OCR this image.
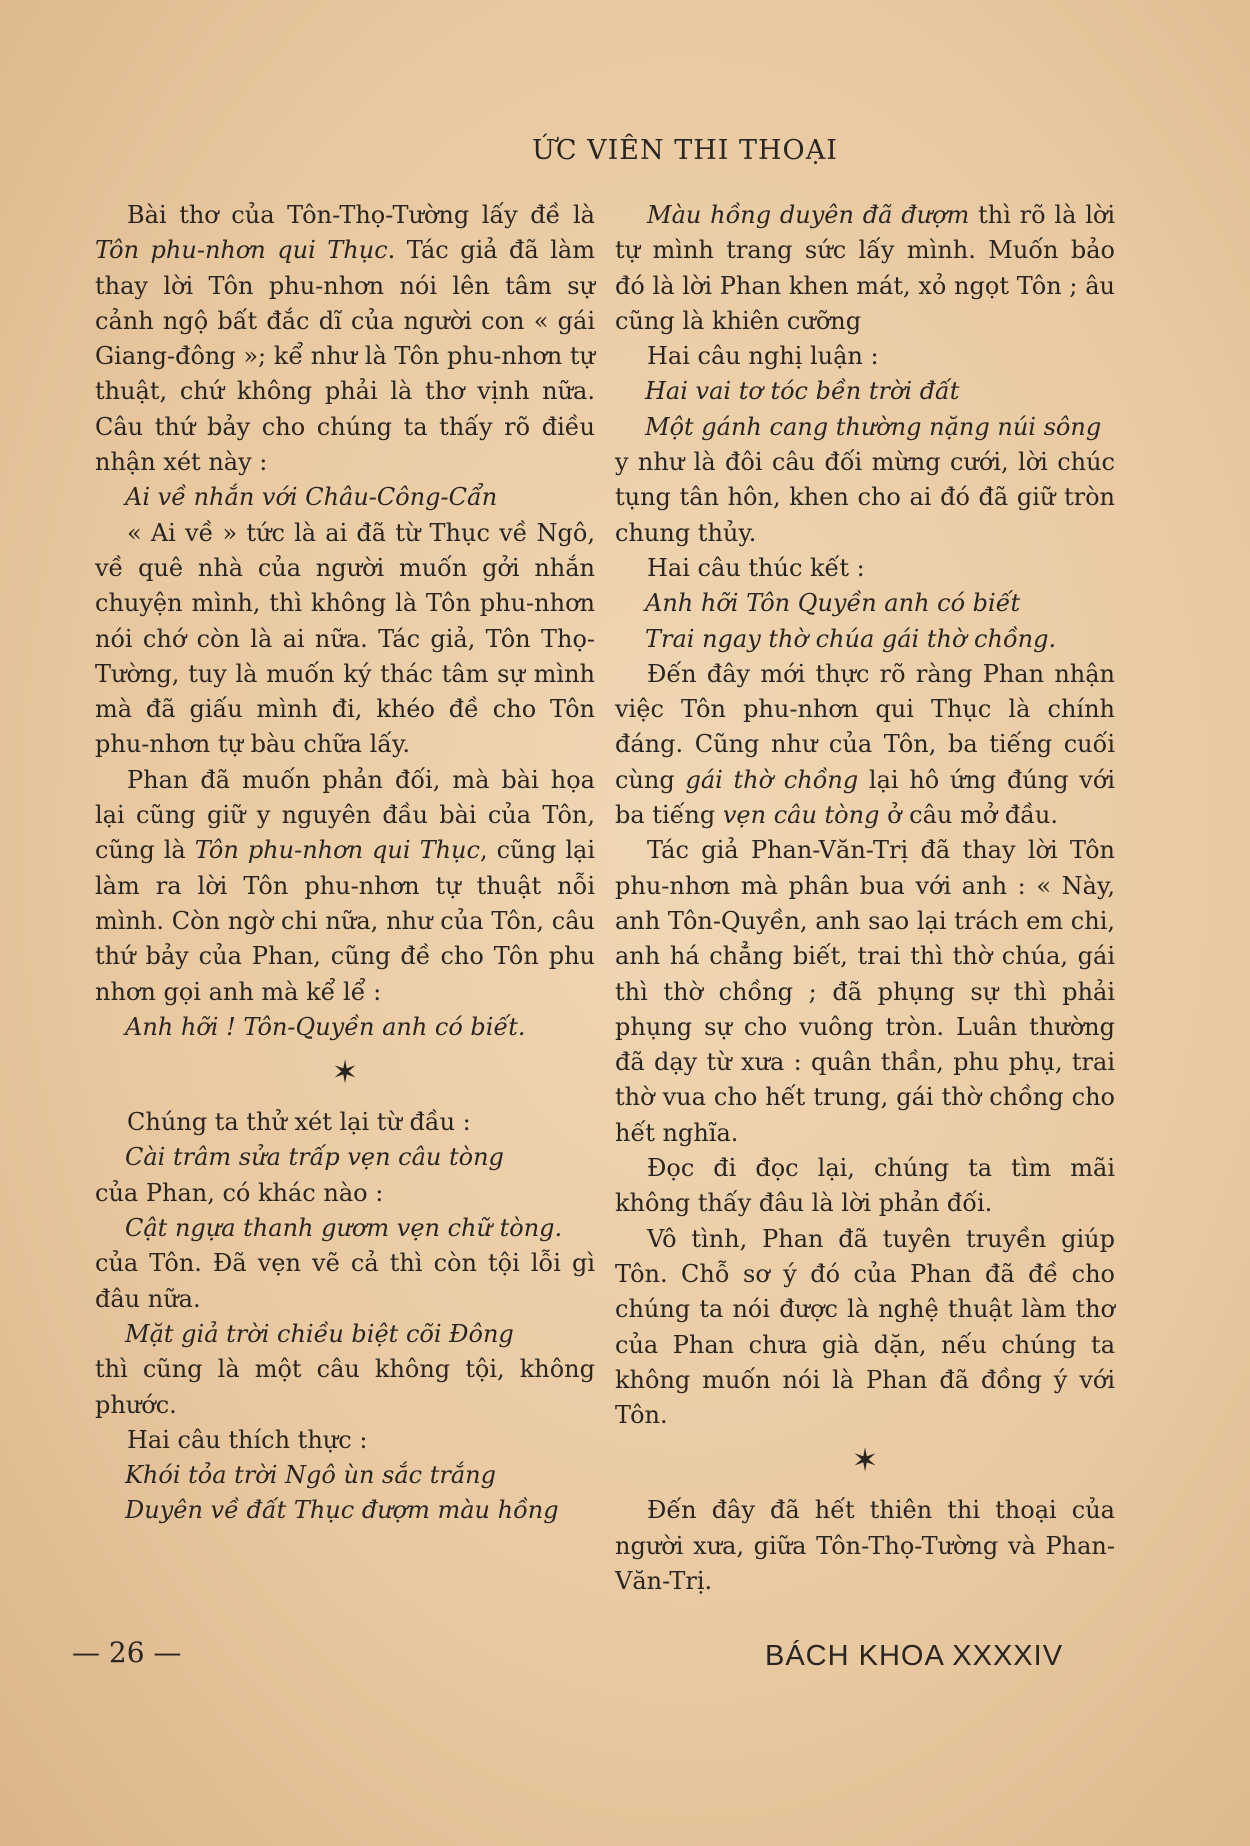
ỨC VIÊN THI THOẠI

Bài thơ của Tôn-Thọ-Tường lấy đề là Tôn phu-nhơn qui Thục. Tác giả đã làm thay lời Tôn phu-nhơn nói lên tâm sự cảnh ngộ bất đắc dĩ của người con « gái Giang-đông »; kể như là Tôn phu-nhơn tự thuật, chứ không phải là thơ vịnh nữa. Câu thứ bảy cho chúng ta thấy rõ điều nhận xét này :

Ai về nhắn với Châu-Công-Cẩn

« Ai về » tức là ai đã từ Thục về Ngô, về quê nhà của người muốn gởi nhắn chuyện mình, thì không là Tôn phu-nhơn nói chớ còn là ai nữa. Tác giả, Tôn Thọ-Tường, tuy là muốn ký thác tâm sự mình mà đã giấu mình đi, khéo đề cho Tôn phu-nhơn tự bàu chữa lấy.

Phan đã muốn phản đối, mà bài họa lại cũng giữ y nguyên đầu bài của Tôn, cũng là Tôn phu-nhơn qui Thục, cũng lại làm ra lời Tôn phu-nhơn tự thuật nỗi mình. Còn ngờ chi nữa, như của Tôn, câu thứ bảy của Phan, cũng đề cho Tôn phu nhơn gọi anh mà kể lể :

Anh hỡi ! Tôn-Quyền anh có biết.

✶

Chúng ta thử xét lại từ đầu :

Cài trâm sửa trấp vẹn câu tòng

của Phan, có khác nào :

Cật ngựa thanh gươm vẹn chữ tòng.

của Tôn. Đã vẹn vẽ cả thì còn tội lỗi gì đâu nữa.

Mặt giả trời chiều biệt cõi Đông

thì cũng là một câu không tội, không phước.

Hai câu thích thực :

Khói tỏa trời Ngô ùn sắc trắng

Duyên về đất Thục đượm màu hồng

Màu hồng duyên đã đượm thì rõ là lời tự mình trang sức lấy mình. Muốn bảo đó là lời Phan khen mát, xỏ ngọt Tôn ; âu cũng là khiên cưỡng

Hai câu nghị luận :

Hai vai tơ tóc bền trời đất

Một gánh cang thường nặng núi sông

y như là đôi câu đối mừng cưới, lời chúc tụng tân hôn, khen cho ai đó đã giữ tròn chung thủy.

Hai câu thúc kết :

Anh hỡi Tôn Quyền anh có biết

Trai ngay thờ chúa gái thờ chồng.

Đến đây mới thực rõ ràng Phan nhận việc Tôn phu-nhơn qui Thục là chính đáng. Cũng như của Tôn, ba tiếng cuối cùng gái thờ chồng lại hô ứng đúng với ba tiếng vẹn câu tòng ở câu mở đầu.

Tác giả Phan-Văn-Trị đã thay lời Tôn phu-nhơn mà phân bua với anh : « Này, anh Tôn-Quyền, anh sao lại trách em chi, anh há chẳng biết, trai thì thờ chúa, gái thì thờ chồng ; đã phụng sự thì phải phụng sự cho vuông tròn. Luân thường đã dạy từ xưa : quân thần, phu phụ, trai thờ vua cho hết trung, gái thờ chồng cho hết nghĩa.

Đọc đi đọc lại, chúng ta tìm mãi không thấy đâu là lời phản đối.

Vô tình, Phan đã tuyên truyền giúp Tôn. Chỗ sơ ý đó của Phan đã đề cho chúng ta nói được là nghệ thuật làm thơ của Phan chưa già dặn, nếu chúng ta không muốn nói là Phan đã đồng ý với Tôn.

✶

Đến đây đã hết thiên thi thoại của người xưa, giữa Tôn-Thọ-Tường và Phan-Văn-Trị.

— 26 —	BÁCH KHOA XXXXIV
